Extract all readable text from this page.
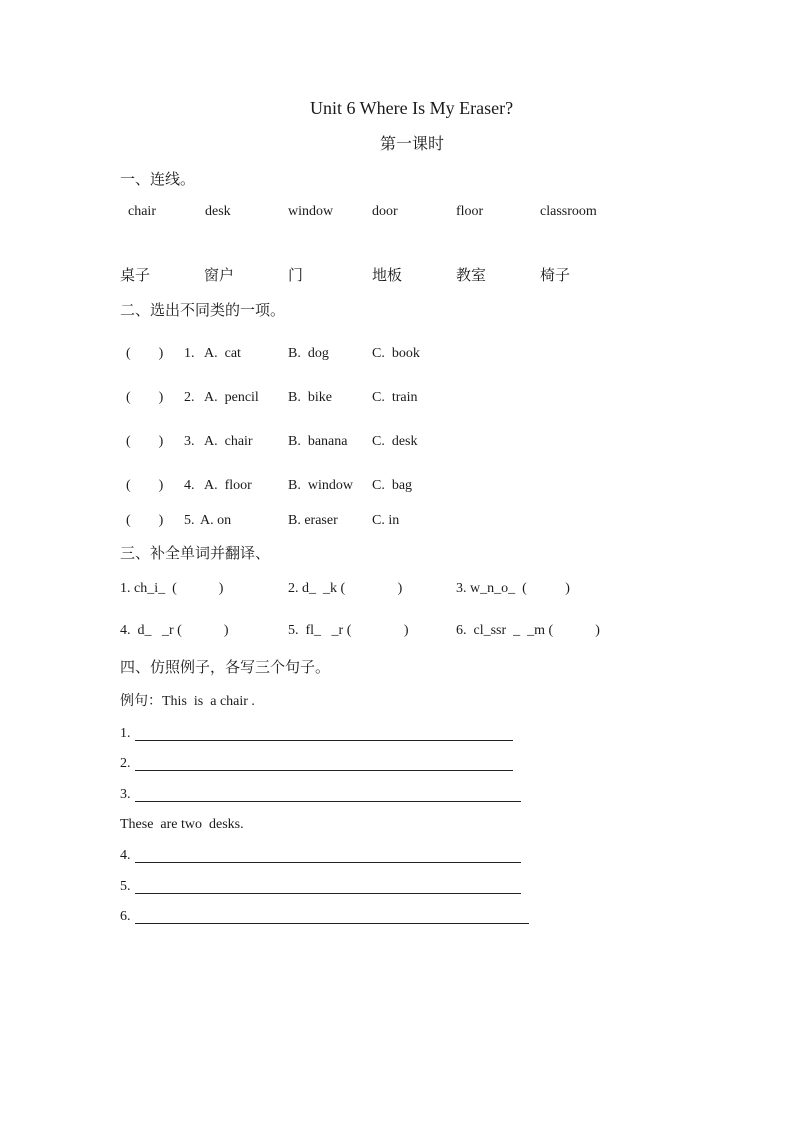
Unit 6 Where Is My Eraser?
第一课时
一、连线。
chair	desk	window	door	floor	classroom
桌子	窗户	门	地板	教室	椅子
二、选出不同类的一项。
(        ) 1. A.  cat	B.  dog	C.  book
(        ) 2. A.  pencil B.  bike	C.  train
(        ) 3. A.  chair	B.  banana C.  desk
(        ) 4. A.  floor	B.  window C.  bag
(        ) 5. A. on	B. eraser C. in
三、补全单词并翻译、
1. ch_i_  (            )	2. d_  _k (               )	3. w_n_o_  (           )
4.  d_   _r (            )	5.  fl_   _r (               )	6.  cl_ssr  _  _m (            )
四、仿照例子，各写三个句子。
例句：This  is  a chair .
1.
2.
3.
These  are two  desks.
4.
5.
6.
